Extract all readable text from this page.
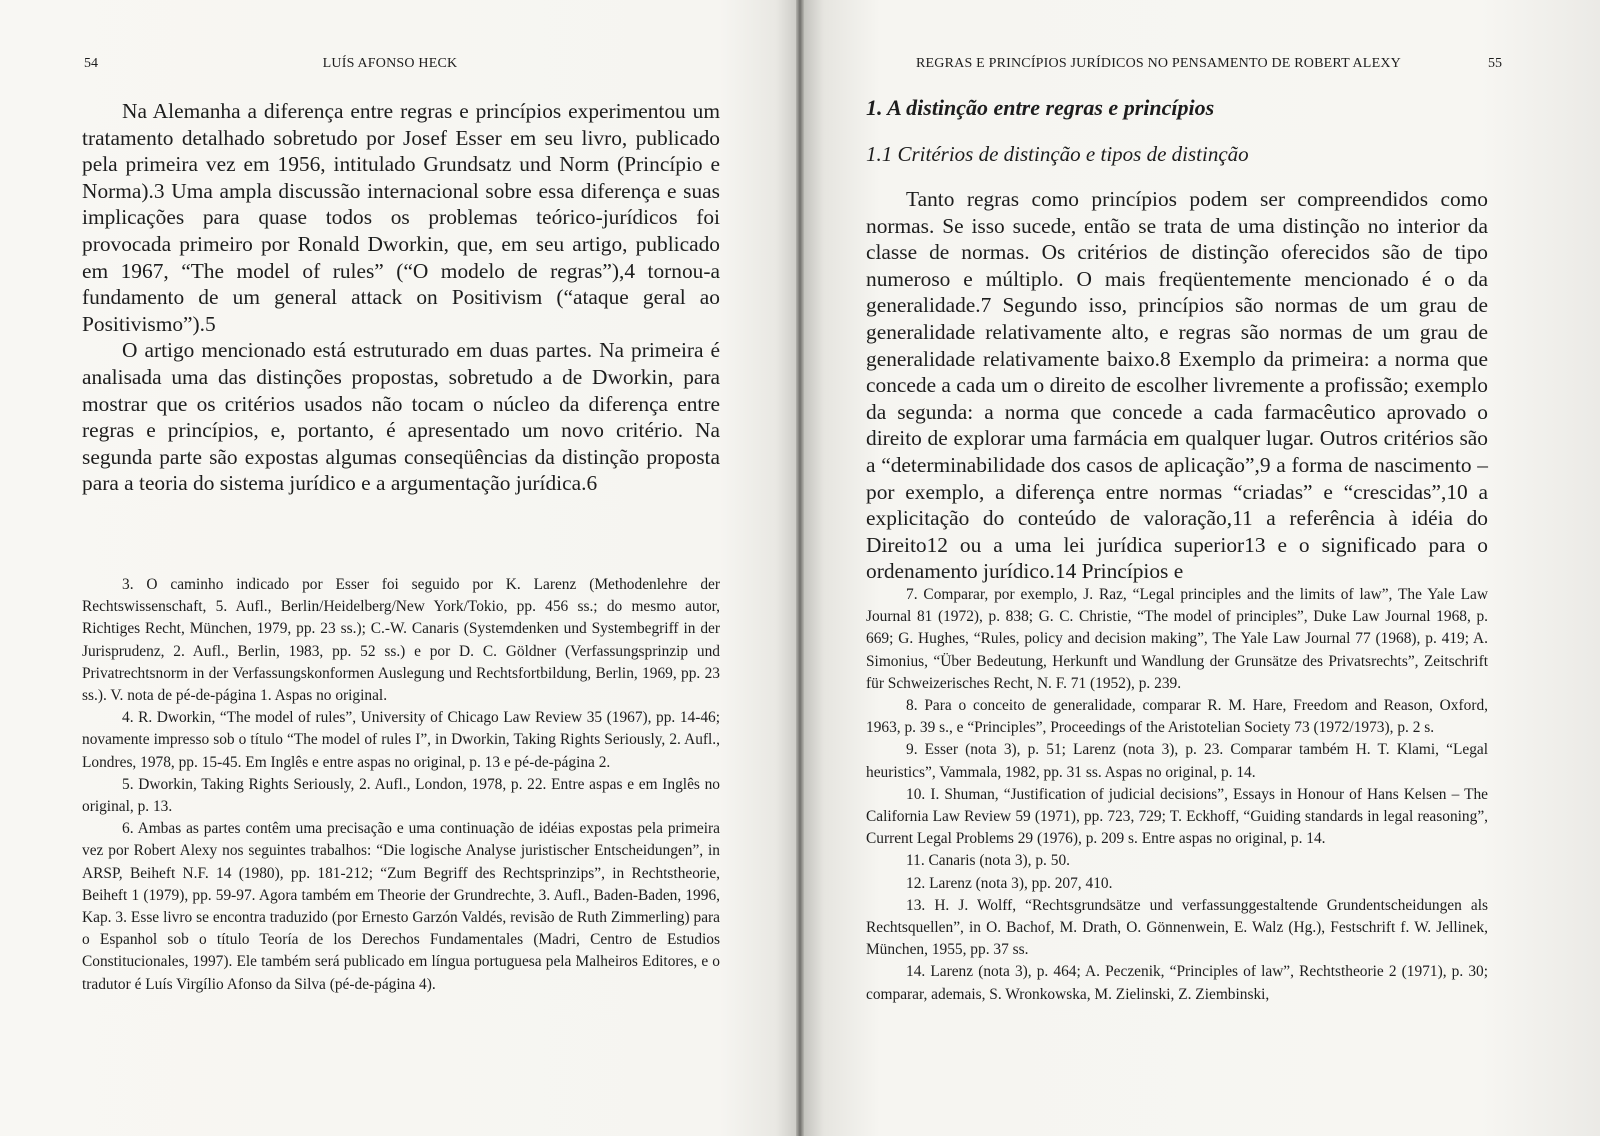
54	LUÍS AFONSO HECK

Na Alemanha a diferença entre regras e princípios experimentou um tratamento detalhado sobretudo por Josef Esser em seu livro, publicado pela primeira vez em 1956, intitulado Grundsatz und Norm (Princípio e Norma).3 Uma ampla discussão internacional sobre essa diferença e suas implicações para quase todos os problemas teórico-jurídicos foi provocada primeiro por Ronald Dworkin, que, em seu artigo, publicado em 1967, “The model of rules” (“O modelo de regras”),4 tornou-a fundamento de um general attack on Positivism (“ataque geral ao Positivismo”).5

O artigo mencionado está estruturado em duas partes. Na primeira é analisada uma das distinções propostas, sobretudo a de Dworkin, para mostrar que os critérios usados não tocam o núcleo da diferença entre regras e princípios, e, portanto, é apresentado um novo critério. Na segunda parte são expostas algumas conseqüências da distinção proposta para a teoria do sistema jurídico e a argumentação jurídica.6

3. O caminho indicado por Esser foi seguido por K. Larenz (Methodenlehre der Rechtswissenschaft, 5. Aufl., Berlin/Heidelberg/New York/Tokio, pp. 456 ss.; do mesmo autor, Richtiges Recht, München, 1979, pp. 23 ss.); C.-W. Canaris (Systemdenken und Systembegriff in der Jurisprudenz, 2. Aufl., Berlin, 1983, pp. 52 ss.) e por D. C. Göldner (Verfassungsprinzip und Privatrechtsnorm in der Verfassungskonformen Auslegung und Rechtsfortbildung, Berlin, 1969, pp. 23 ss.). V. nota de pé-de-página 1. Aspas no original.

4. R. Dworkin, “The model of rules”, University of Chicago Law Review 35 (1967), pp. 14-46; novamente impresso sob o título “The model of rules I”, in Dworkin, Taking Rights Seriously, 2. Aufl., Londres, 1978, pp. 15-45. Em Inglês e entre aspas no original, p. 13 e pé-de-página 2.

5. Dworkin, Taking Rights Seriously, 2. Aufl., London, 1978, p. 22. Entre aspas e em Inglês no original, p. 13.

6. Ambas as partes contêm uma precisação e uma continuação de idéias expostas pela primeira vez por Robert Alexy nos seguintes trabalhos: “Die logische Analyse juristischer Entscheidungen”, in ARSP, Beiheft N.F. 14 (1980), pp. 181-212; “Zum Begriff des Rechtsprinzips”, in Rechtstheorie, Beiheft 1 (1979), pp. 59-97. Agora também em Theorie der Grundrechte, 3. Aufl., Baden-Baden, 1996, Kap. 3. Esse livro se encontra traduzido (por Ernesto Garzón Valdés, revisão de Ruth Zimmerling) para o Espanhol sob o título Teoría de los Derechos Fundamentales (Madri, Centro de Estudios Constitucionales, 1997). Ele também será publicado em língua portuguesa pela Malheiros Editores, e o tradutor é Luís Virgílio Afonso da Silva (pé-de-página 4).

REGRAS E PRINCÍPIOS JURÍDICOS NO PENSAMENTO DE ROBERT ALEXY	55
1. A distinção entre regras e princípios
1.1 Critérios de distinção e tipos de distinção

Tanto regras como princípios podem ser compreendidos como normas. Se isso sucede, então se trata de uma distinção no interior da classe de normas. Os critérios de distinção oferecidos são de tipo numeroso e múltiplo. O mais freqüentemente mencionado é o da generalidade.7 Segundo isso, princípios são normas de um grau de generalidade relativamente alto, e regras são normas de um grau de generalidade relativamente baixo.8 Exemplo da primeira: a norma que concede a cada um o direito de escolher livremente a profissão; exemplo da segunda: a norma que concede a cada farmacêutico aprovado o direito de explorar uma farmácia em qualquer lugar. Outros critérios são a “determinabilidade dos casos de aplicação”,9 a forma de nascimento – por exemplo, a diferença entre normas “criadas” e “crescidas”,10 a explicitação do conteúdo de valoração,11 a referência à idéia do Direito12 ou a uma lei jurídica superior13 e o significado para o ordenamento jurídico.14 Princípios e

7. Comparar, por exemplo, J. Raz, “Legal principles and the limits of law”, The Yale Law Journal 81 (1972), p. 838; G. C. Christie, “The model of principles”, Duke Law Journal 1968, p. 669; G. Hughes, “Rules, policy and decision making”, The Yale Law Journal 77 (1968), p. 419; A. Simonius, “Über Bedeutung, Herkunft und Wandlung der Grunsätze des Privatsrechts”, Zeitschrift für Schweizerisches Recht, N. F. 71 (1952), p. 239.

8. Para o conceito de generalidade, comparar R. M. Hare, Freedom and Reason, Oxford, 1963, p. 39 s., e “Principles”, Proceedings of the Aristotelian Society 73 (1972/1973), p. 2 s.

9. Esser (nota 3), p. 51; Larenz (nota 3), p. 23. Comparar também H. T. Klami, “Legal heuristics”, Vammala, 1982, pp. 31 ss. Aspas no original, p. 14.

10. I. Shuman, “Justification of judicial decisions”, Essays in Honour of Hans Kelsen – The California Law Review 59 (1971), pp. 723, 729; T. Eckhoff, “Guiding standards in legal reasoning”, Current Legal Problems 29 (1976), p. 209 s. Entre aspas no original, p. 14.

11. Canaris (nota 3), p. 50.

12. Larenz (nota 3), pp. 207, 410.

13. H. J. Wolff, “Rechtsgrundsätze und verfassunggestaltende Grundentscheidungen als Rechtsquellen”, in O. Bachof, M. Drath, O. Gönnenwein, E. Walz (Hg.), Festschrift f. W. Jellinek, München, 1955, pp. 37 ss.

14. Larenz (nota 3), p. 464; A. Peczenik, “Principles of law”, Rechtstheorie 2 (1971), p. 30; comparar, ademais, S. Wronkowska, M. Zielinski, Z. Ziembinski,
